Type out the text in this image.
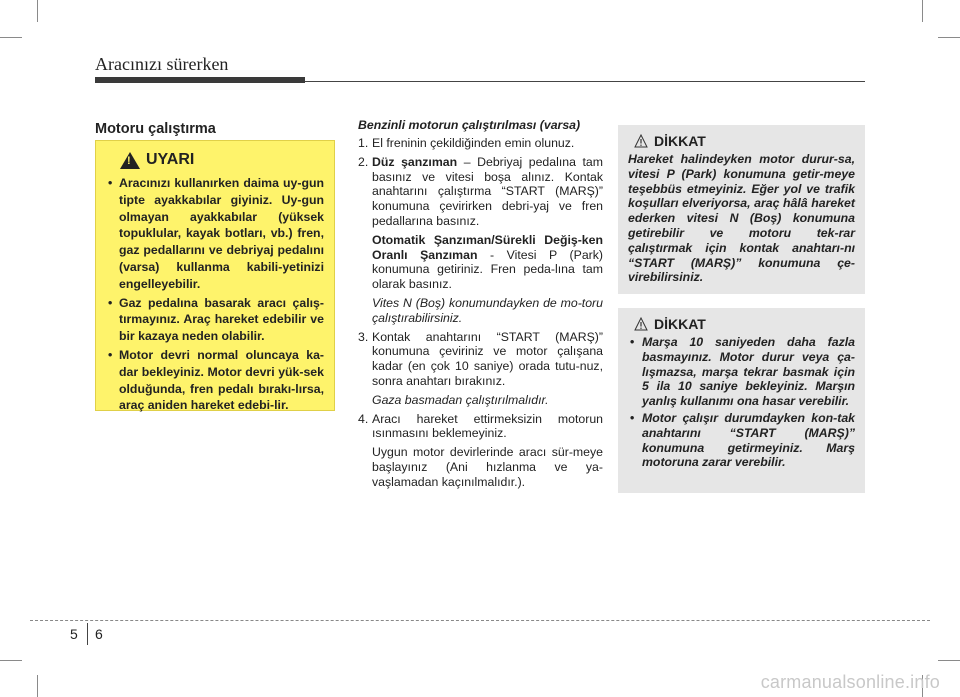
Aracınızı sürerken
Motoru çalıştırma
! UYARI
• Aracınızı kullanırken daima uy-gun tipte ayakkabılar giyiniz. Uy-gun olmayan ayakkabılar (yüksek topuklular, kayak botları, vb.) fren, gaz pedallarını ve debriyaj pedalını (varsa) kullanma kabili-yetinizi engelleyebilir.
• Gaz pedalına basarak aracı çalış-tırmayınız. Araç hareket edebilir ve bir kazaya neden olabilir.
• Motor devri normal oluncaya ka-dar bekleyiniz. Motor devri yük-sek olduğunda, fren pedalı bırakı-lırsa, araç aniden hareket edebi-lir.
Benzinli motorun çalıştırılması (varsa)
1. El freninin çekildiğinden emin olunuz.
2. Düz şanzıman – Debriyaj pedalına tam basınız ve vitesi boşa alınız. Kontak anahtarını çalıştırma “START (MARŞ)” konumuna çevirirken debri-yaj ve fren pedallarına basınız.
Otomatik Şanzıman/Sürekli Değiş-ken Oranlı Şanzıman - Vitesi P (Park) konumuna getiriniz. Fren peda-lına tam olarak basınız.
Vites N (Boş) konumundayken de mo-toru çalıştırabilirsiniz.
3. Kontak anahtarını “START (MARŞ)” konumuna çeviriniz ve motor çalışana kadar (en çok 10 saniye) orada tutu-nuz, sonra anahtarı bırakınız.
Gaza basmadan çalıştırılmalıdır.
4. Aracı hareket ettirmeksizin motorun ısınmasını beklemeyiniz.
Uygun motor devirlerinde aracı sür-meye başlayınız (Ani hızlanma ve ya-vaşlamadan kaçınılmalıdır.).
DİKKAT

Hareket halindeyken motor durur-sa, vitesi P (Park) konumuna getir-meye teşebbüs etmeyiniz. Eğer yol ve trafik koşulları elveriyorsa, araç hâlâ hareket ederken vitesi N (Boş) konumuna getirebilir ve motoru tek-rar çalıştırmak için kontak anahtarı-nı “START (MARŞ)” konumuna çe-virebilirsiniz.

DİKKAT
• Marşa 10 saniyeden daha fazla basmayınız. Motor durur veya ça-lışmazsa, marşa tekrar basmak için 5 ila 10 saniye bekleyiniz. Marşın yanlış kullanımı ona hasar verebilir.
• Motor çalışır durumdayken kon-tak anahtarını “START (MARŞ)” konumuna getirmeyiniz. Marş motoruna zarar verebilir.
5 6
carmanualsonline.info
